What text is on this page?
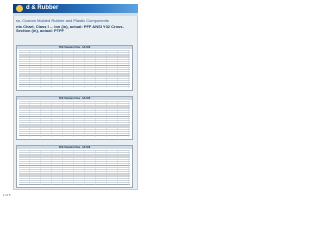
d & Rubber
ss, Custom Molded Rubber and Plastic Components
nts Chart, Class I ... ion (in), actual: PFF ANSI Y32 Cross-Section (in), actual: PTFF
PAE Standard Size - AS-568
PAE Standard Size - AS-568
PAE Standard Size - AS-568
1 of 5
